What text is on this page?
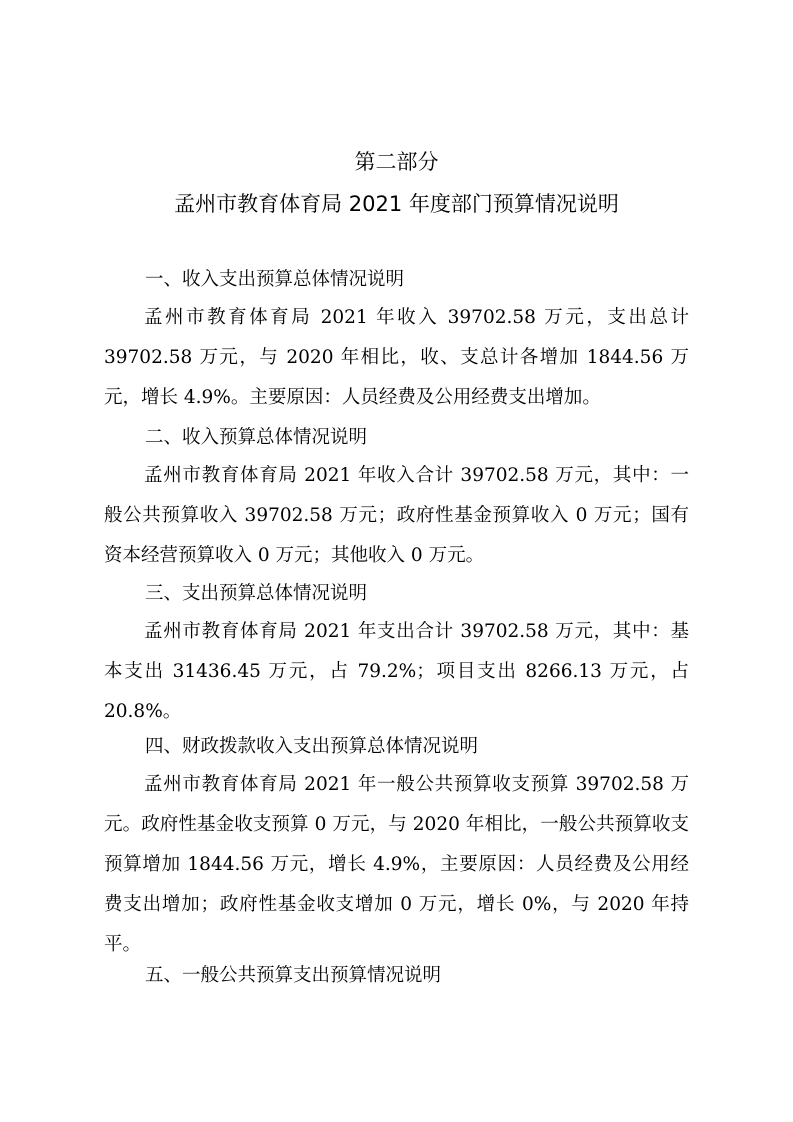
第二部分
孟州市教育体育局 2021 年度部门预算情况说明
一、收入支出预算总体情况说明

孟州市教育体育局 2021 年收入 39702.58 万元，支出总计 39702.58 万元，与 2020 年相比，收、支总计各增加 1844.56 万元，增长 4.9%。主要原因：人员经费及公用经费支出增加。

二、收入预算总体情况说明

孟州市教育体育局 2021 年收入合计 39702.58 万元，其中：一般公共预算收入 39702.58 万元；政府性基金预算收入 0 万元；国有资本经营预算收入 0 万元；其他收入 0 万元。

三、支出预算总体情况说明

孟州市教育体育局 2021 年支出合计 39702.58 万元，其中：基本支出 31436.45 万元，占 79.2%；项目支出 8266.13 万元，占 20.8%。

四、财政拨款收入支出预算总体情况说明

孟州市教育体育局 2021 年一般公共预算收支预算 39702.58 万元。政府性基金收支预算 0 万元，与 2020 年相比，一般公共预算收支预算增加 1844.56 万元，增长 4.9%，主要原因：人员经费及公用经费支出增加；政府性基金收支增加 0 万元，增长 0%，与 2020 年持平。

五、一般公共预算支出预算情况说明
